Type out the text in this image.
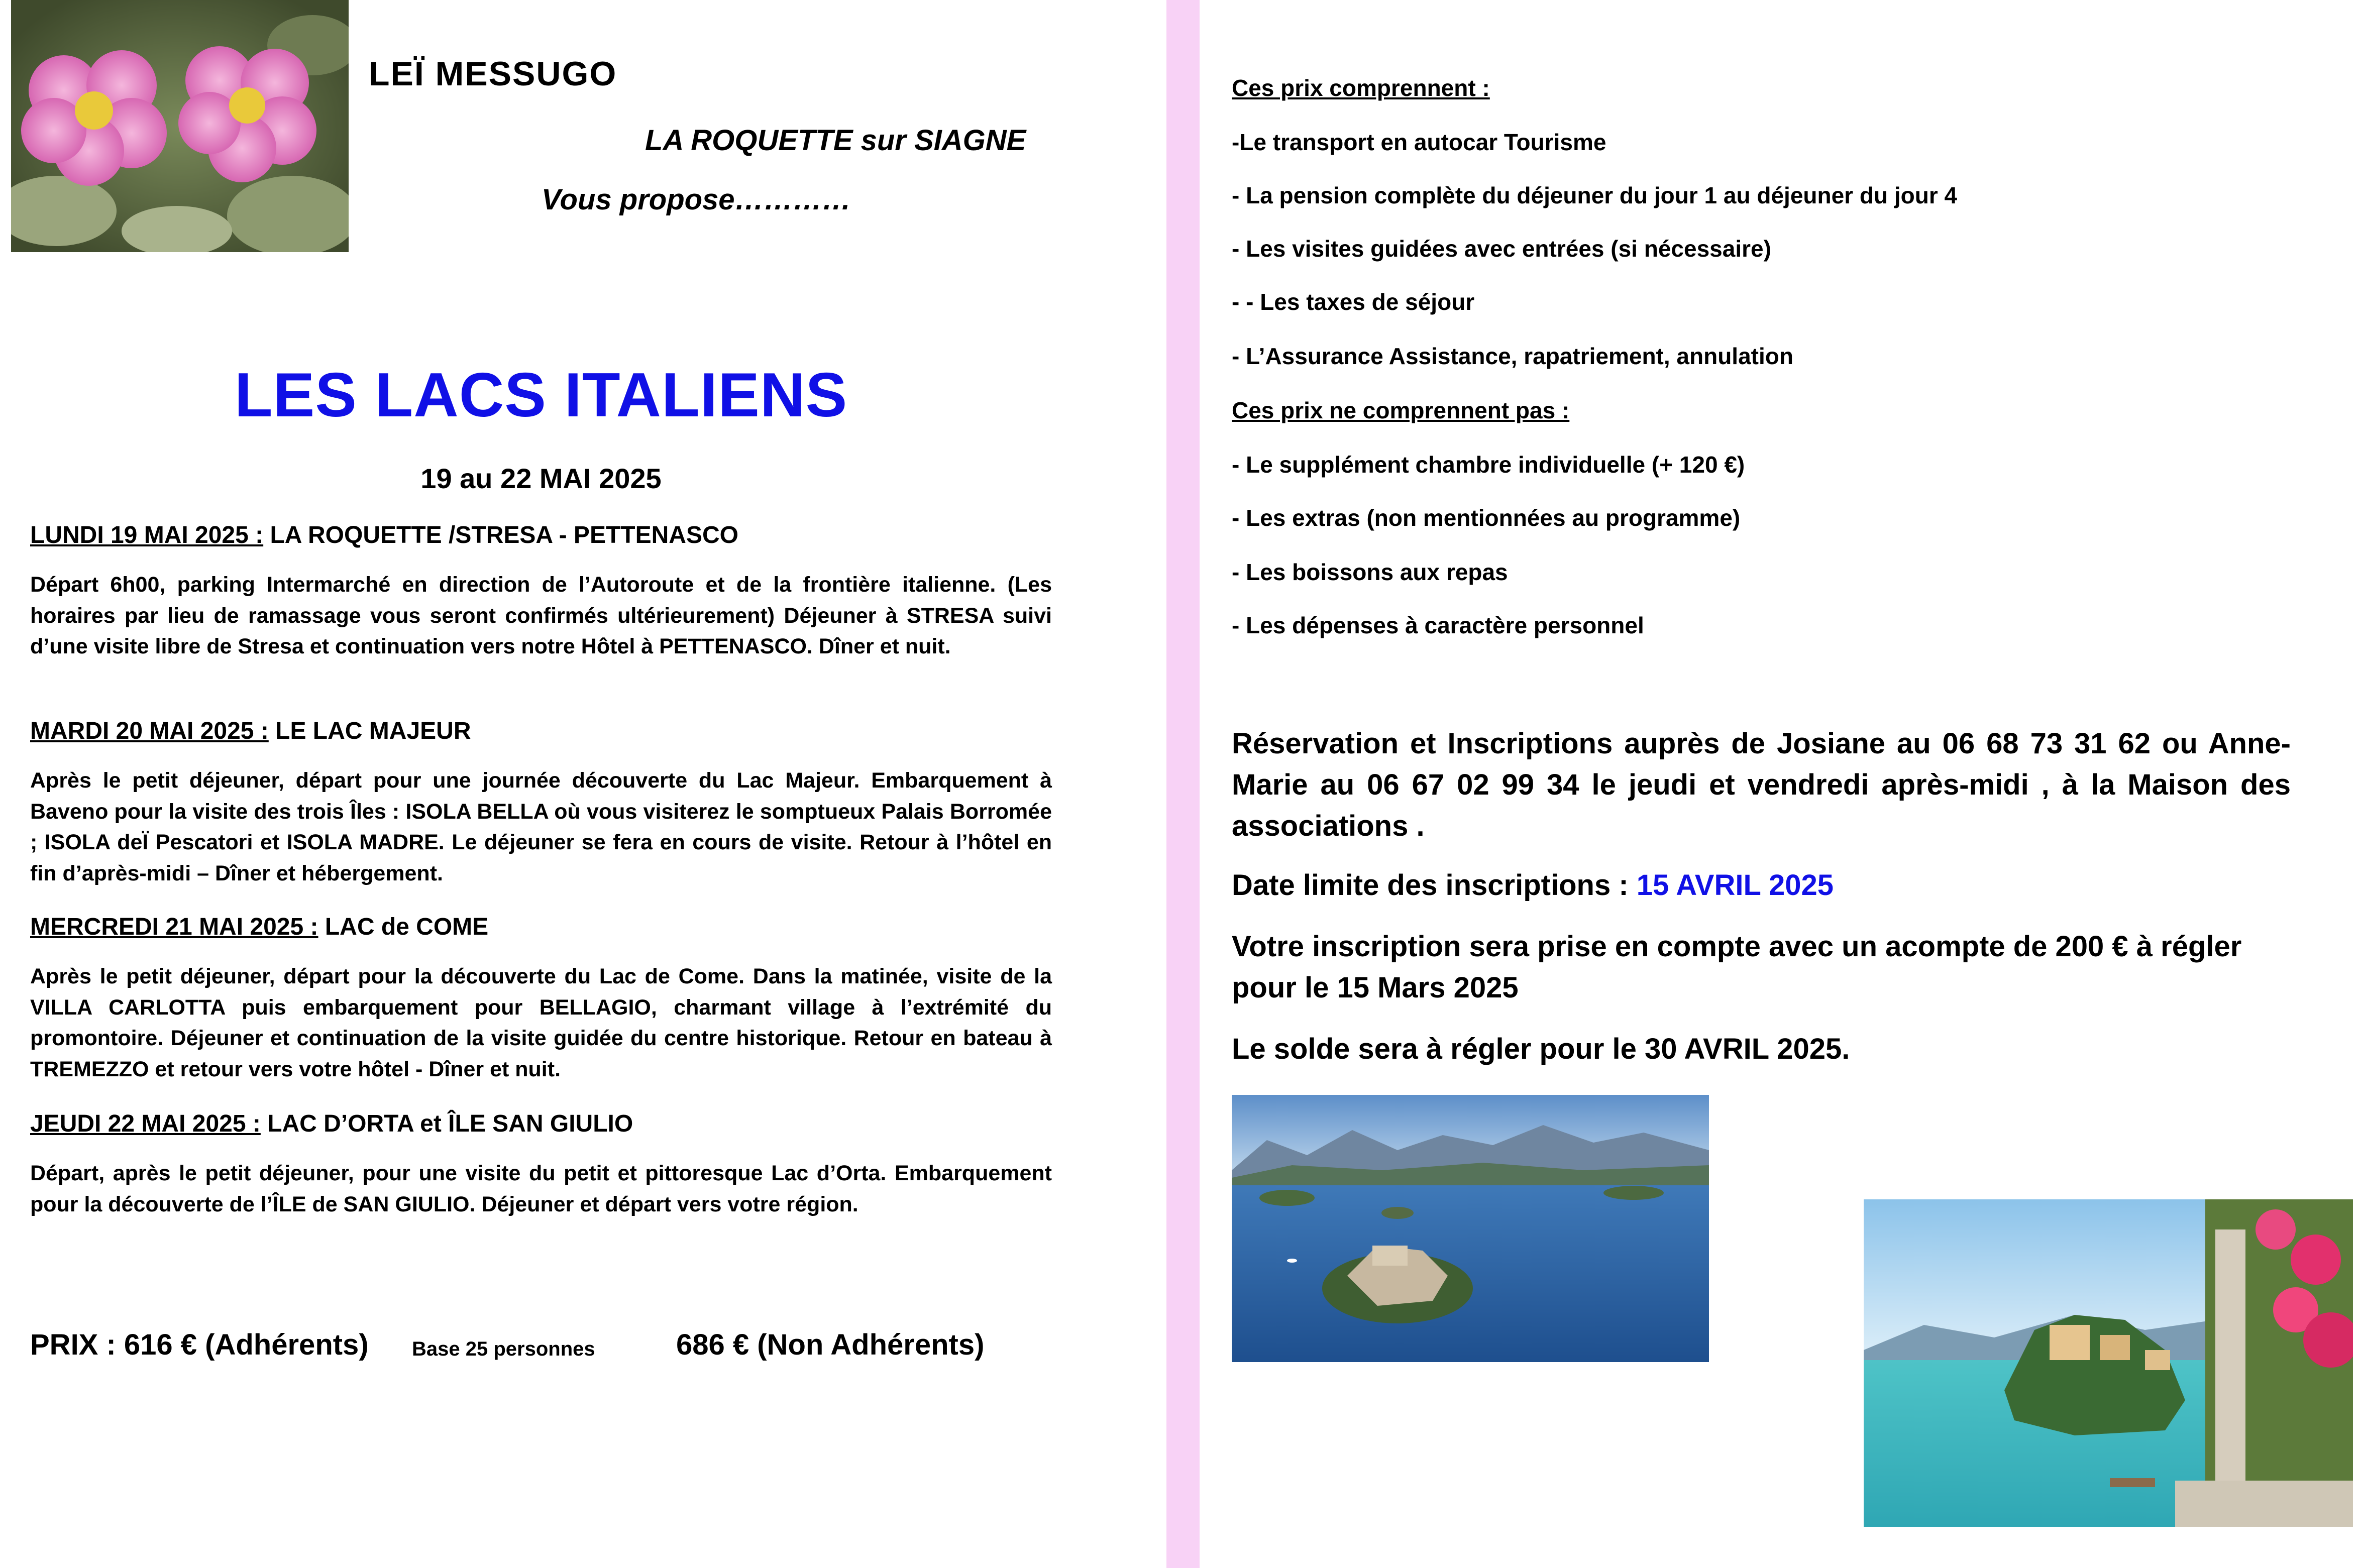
LEÏ MESSUGO
LA ROQUETTE sur SIAGNE
Vous propose…………
LES LACS ITALIENS
19 au 22 MAI 2025
LUNDI 19 MAI 2025 : LA ROQUETTE /STRESA - PETTENASCO
Départ 6h00, parking Intermarché en direction de l’Autoroute et de la frontière italienne. (Les horaires par lieu de ramassage vous seront confirmés ultérieurement) Déjeuner à STRESA suivi d’une visite libre de Stresa et continuation vers notre Hôtel à PETTENASCO. Dîner et nuit.
MARDI 20 MAI 2025 : LE LAC MAJEUR
Après le petit déjeuner, départ pour une journée découverte du Lac Majeur. Embarquement à Baveno pour la visite des trois Îles : ISOLA BELLA où vous visiterez le somptueux Palais Borromée ; ISOLA deÏ Pescatori et ISOLA MADRE. Le déjeuner se fera en cours de visite. Retour à l’hôtel en fin d’après-midi – Dîner et hébergement.
MERCREDI 21 MAI 2025 : LAC de COME
Après le petit déjeuner, départ pour la découverte du Lac de Come. Dans la matinée, visite de la VILLA CARLOTTA puis embarquement pour BELLAGIO, charmant village à l’extrémité du promontoire. Déjeuner et continuation de la visite guidée du centre historique. Retour en bateau à TREMEZZO et retour vers votre hôtel - Dîner et nuit.
JEUDI 22 MAI 2025 : LAC D’ORTA et ÎLE SAN GIULIO
Départ, après le petit déjeuner, pour une visite du petit et pittoresque Lac d’Orta. Embarquement pour la découverte de l’ÎLE de SAN GIULIO. Déjeuner et départ vers votre région.
PRIX : 616 € (Adhérents) Base 25 personnes	686 € (Non Adhérents)
Ces prix comprennent :
-Le transport en autocar Tourisme
- La pension complète du déjeuner du jour 1 au déjeuner du jour 4
- Les visites guidées avec entrées (si nécessaire)
- - Les taxes de séjour
- L’Assurance Assistance, rapatriement, annulation
Ces prix ne comprennent pas :
- Le supplément chambre individuelle (+ 120 €)
- Les extras (non mentionnées au programme)
- Les boissons aux repas
- Les dépenses à caractère personnel
Réservation et Inscriptions auprès de Josiane au 06 68 73 31 62 ou Anne-Marie au 06 67 02 99 34 le jeudi et vendredi après-midi , à la Maison des associations .
Date limite des inscriptions : 15 AVRIL 2025
Votre inscription sera prise en compte avec un acompte de 200 € à régler pour le 15 Mars 2025
Le solde sera à régler pour le 30 AVRIL 2025.
